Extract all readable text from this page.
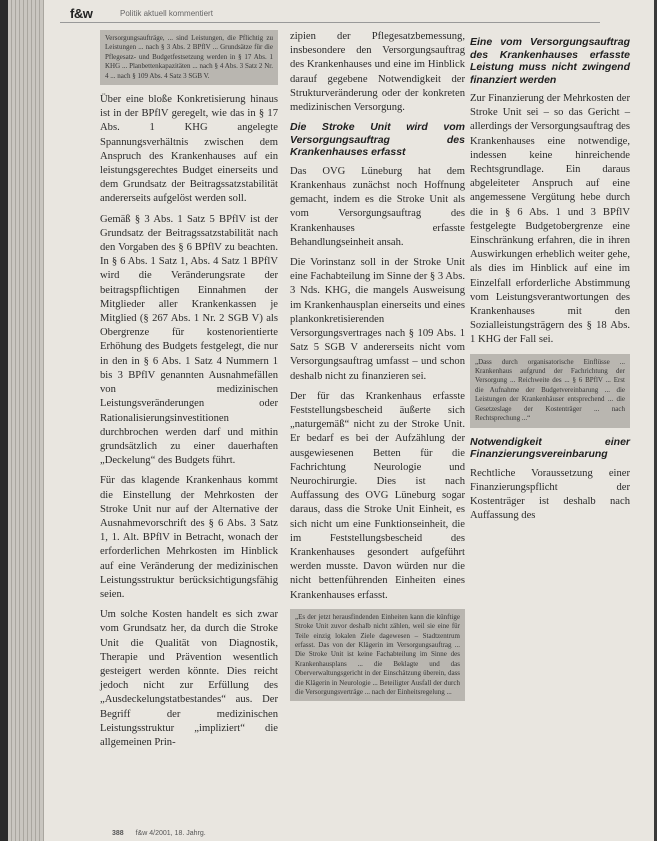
f&w	Politik aktuell kommentiert
Versorgungsaufträge, ... sind Leistungen, die Pflichtig zu Leistungen ... nach § 3 Abs. 2 BPflV ... Grundsätze für die Pflegesatz- und Budgetfestsetzung werden in § 17 Abs. 1 KHG ... Planbettenkapazitäten ... nach § 4 Abs. 3 Satz 2 Nr. 4 ... nach § 109 Abs. 4 Satz 3 SGB V.

Über eine bloße Konkretisierung hinaus ist in der BPflV geregelt, wie das in § 17 Abs. 1 KHG angelegte Spannungsverhältnis zwischen dem Anspruch des Krankenhauses auf ein leistungsgerechtes Budget einerseits und dem Grundsatz der Beitragssatzstabilität andererseits aufgelöst werden soll.

Gemäß § 3 Abs. 1 Satz 5 BPflV ist der Grundsatz der Beitragssatzstabilität nach den Vorgaben des § 6 BPflV zu beachten. In § 6 Abs. 1 Satz 1, Abs. 4 Satz 1 BPflV wird die Veränderungsrate der beitragspflichtigen Einnahmen der Mitglieder aller Krankenkassen je Mitglied (§ 267 Abs. 1 Nr. 2 SGB V) als Obergrenze für kostenorientierte Erhöhung des Budgets festgelegt, die nur in den in § 6 Abs. 1 Satz 4 Nummern 1 bis 3 BPflV genannten Ausnahmefällen von medizinischen Leistungsveränderungen oder Rationalisierungsinvestitionen durchbrochen werden darf und mithin grundsätzlich zu einer dauerhaften „Deckelung“ des Budgets führt.

Für das klagende Krankenhaus kommt die Einstellung der Mehrkosten der Stroke Unit nur auf der Alternative der Ausnahmevorschrift des § 6 Abs. 3 Satz 1, 1. Alt. BPflV in Betracht, wonach der erforderlichen Mehrkosten im Hinblick auf eine Veränderung der medizinischen Leistungsstruktur berücksichtigungsfähig seien.

Um solche Kosten handelt es sich zwar vom Grundsatz her, da durch die Stroke Unit die Qualität von Diagnostik, Therapie und Prävention wesentlich gesteigert werden könnte. Dies reicht jedoch nicht zur Erfüllung des „Ausdeckelungstatbestandes“ aus. Der Begriff der medizinischen Leistungsstruktur „impliziert“ die allgemeinen Prin-

zipien der Pflegesatzbemessung, insbesondere den Versorgungsauftrag des Krankenhauses und eine im Hinblick darauf gegebene Notwendigkeit der Strukturveränderung oder der konkreten medizinischen Versorgung.

Die Stroke Unit wird vom Versorgungsauftrag des Krankenhauses erfasst

Das OVG Lüneburg hat dem Krankenhaus zunächst noch Hoffnung gemacht, indem es die Stroke Unit als vom Versorgungsauftrag des Krankenhauses erfasste Behandlungseinheit ansah.

Die Vorinstanz soll in der Stroke Unit eine Fachabteilung im Sinne der § 3 Abs. 3 Nds. KHG, die mangels Ausweisung im Krankenhausplan einerseits und eines plankonkretisierenden Versorgungsvertrages nach § 109 Abs. 1 Satz 5 SGB V andererseits nicht vom Versorgungsauftrag umfasst – und schon deshalb nicht zu finanzieren sei.

Der für das Krankenhaus erfasste Feststellungsbescheid äußerte sich „naturgemäß“ nicht zu der Stroke Unit. Er bedarf es bei der Aufzählung der ausgewiesenen Betten für die Fachrichtung Neurologie und Neurochirurgie. Dies ist nach Auffassung des OVG Lüneburg sogar daraus, dass die Stroke Unit Einheit, es sich nicht um eine Funktionseinheit, die im Feststellungsbescheid des Krankenhauses gesondert aufgeführt werden musste. Davon würden nur die nicht bettenführenden Einheiten eines Krankenhauses erfasst.

„Es der jetzt herausfindenden Einheiten kann die künftige Stroke Unit zuvor deshalb nicht zählen, weil sie eine für Teile einzig lokalen Ziele dagewesen – Stadtzentrum erfasst. Das von der Klägerin im Versorgungsauftrag ... Die Stroke Unit ist keine Fachabteilung im Sinne des Krankenhausplans ... die Beklagte und das Oberverwaltungsgericht in der Einschätzung überein, dass die Klägerin in Neurologie ... Beteiligter Ausfall der durch die Versorgungsverträge ... nach der Einheitsregelung ...
Eine vom Versorgungsauftrag des Krankenhauses erfasste Leistung muss nicht zwingend finanziert werden

Zur Finanzierung der Mehrkosten der Stroke Unit sei – so das Gericht – allerdings der Versorgungsauftrag des Krankenhauses eine notwendige, indessen keine hinreichende Rechtsgrundlage. Ein daraus abgeleiteter Anspruch auf eine angemessene Vergütung hebe durch die in § 6 Abs. 1 und 3 BPflV festgelegte Budgetobergrenze eine Einschränkung erfahren, die in ihren Auswirkungen erheblich weiter gehe, als dies im Hinblick auf eine im Einzelfall erforderliche Abstimmung vom Leistungsverantwortungen des Krankenhauses mit den Sozialleistungsträgern des § 18 Abs. 1 KHG der Fall sei.

„Dass durch organisatorische Einflüsse ... Krankenhaus aufgrund der Fachrichtung der Versorgung ... Reichweite des ... § 6 BPflV ... Erst die Aufnahme der Budgetvereinbarung ... die Leistungen der Krankenhäuser entsprechend ... die Gesetzeslage der Kostenträger ... nach Rechtsprechung ...“
Notwendigkeit einer Finanzierungsvereinbarung

Rechtliche Voraussetzung einer Finanzierungspflicht der Kostenträger ist deshalb nach Auffassung des

388 f&w 4/2001, 18. Jahrg.
